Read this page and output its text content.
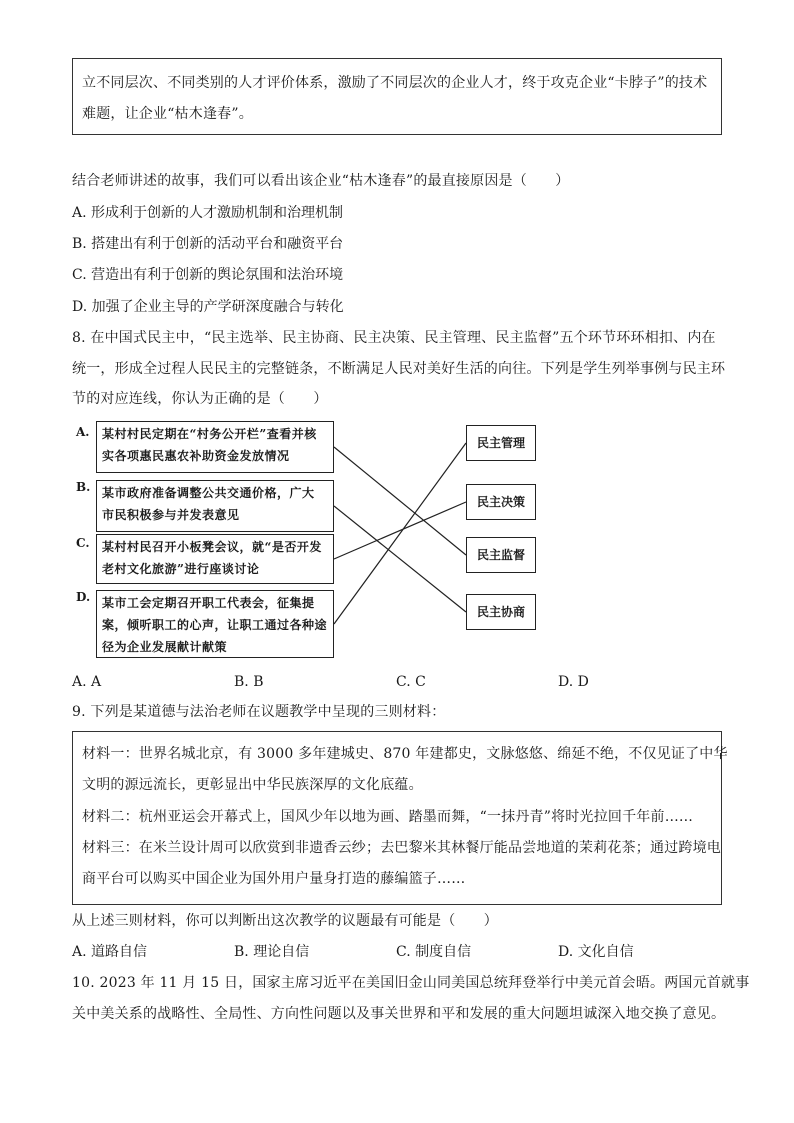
立不同层次、不同类别的人才评价体系，激励了不同层次的企业人才，终于攻克企业“卡脖子”的技术
难题，让企业“枯木逢春”。
结合老师讲述的故事，我们可以看出该企业“枯木逢春”的最直接原因是（　　）
A. 形成利于创新的人才激励机制和治理机制
B. 搭建出有利于创新的活动平台和融资平台
C. 营造出有利于创新的舆论氛围和法治环境
D. 加强了企业主导的产学研深度融合与转化
8. 在中国式民主中，“民主选举、民主协商、民主决策、民主管理、民主监督”五个环节环环相扣、内在
统一，形成全过程人民民主的完整链条，不断满足人民对美好生活的向往。下列是学生列举事例与民主环
节的对应连线，你认为正确的是（　　）
A. 某村村民定期在“村务公开栏”查看并核
实各项惠民惠农补助资金发放情况
B. 某市政府准备调整公共交通价格，广大
市民积极参与并发表意见
C. 某村村民召开小板凳会议，就“是否开发
老村文化旅游”进行座谈讨论
D. 某市工会定期召开职工代表会，征集提
案，倾听职工的心声，让职工通过各种途
径为企业发展献计献策
民主管理
民主决策
民主监督
民主协商
A. A	B. B	C. C	D. D
9. 下列是某道德与法治老师在议题教学中呈现的三则材料：
材料一：世界名城北京，有 3000 多年建城史、870 年建都史，文脉悠悠、绵延不绝，不仅见证了中华
文明的源远流长，更彰显出中华民族深厚的文化底蕴。
材料二：杭州亚运会开幕式上，国风少年以地为画、踏墨而舞，“一抹丹青”将时光拉回千年前……
材料三：在米兰设计周可以欣赏到非遗香云纱；去巴黎米其林餐厅能品尝地道的茉莉花茶；通过跨境电
商平台可以购买中国企业为国外用户量身打造的藤编篮子……
从上述三则材料，你可以判断出这次教学的议题最有可能是（　　）
A. 道路自信	B. 理论自信	C. 制度自信	D. 文化自信
10. 2023 年 11 月 15 日，国家主席习近平在美国旧金山同美国总统拜登举行中美元首会晤。两国元首就事
关中美关系的战略性、全局性、方向性问题以及事关世界和平和发展的重大问题坦诚深入地交换了意见。
